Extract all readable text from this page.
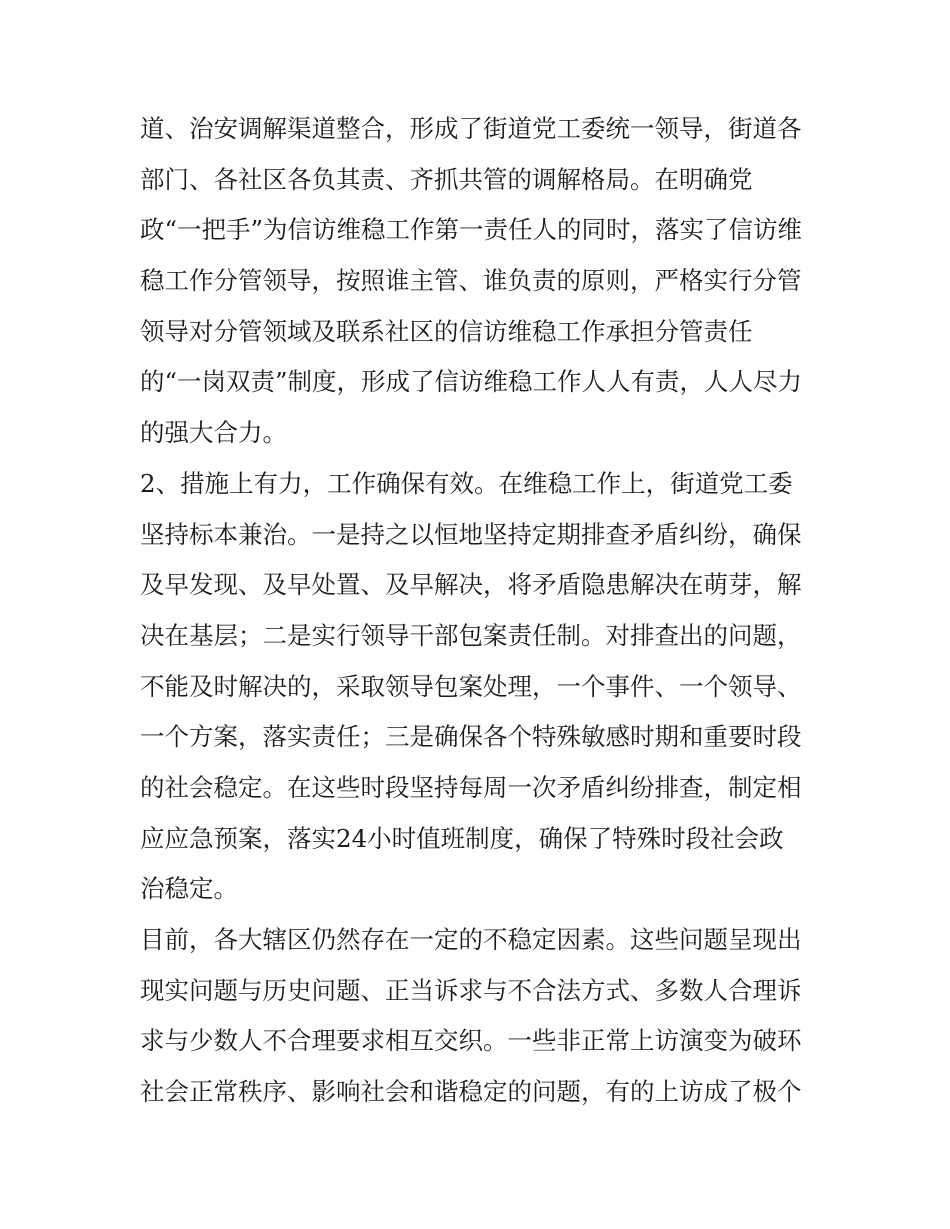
道、治安调解渠道整合，形成了街道党工委统一领导，街道各
部门、各社区各负其责、齐抓共管的调解格局。在明确党
政“一把手”为信访维稳工作第一责任人的同时，落实了信访维
稳工作分管领导，按照谁主管、谁负责的原则，严格实行分管
领导对分管领域及联系社区的信访维稳工作承担分管责任
的“一岗双责”制度，形成了信访维稳工作人人有责，人人尽力
的强大合力。
2、措施上有力，工作确保有效。在维稳工作上，街道党工委
坚持标本兼治。一是持之以恒地坚持定期排查矛盾纠纷，确保
及早发现、及早处置、及早解决，将矛盾隐患解决在萌芽，解
决在基层；二是实行领导干部包案责任制。对排查出的问题，
不能及时解决的，采取领导包案处理，一个事件、一个领导、
一个方案，落实责任；三是确保各个特殊敏感时期和重要时段
的社会稳定。在这些时段坚持每周一次矛盾纠纷排查，制定相
应应急预案，落实24小时值班制度，确保了特殊时段社会政
治稳定。
目前，各大辖区仍然存在一定的不稳定因素。这些问题呈现出
现实问题与历史问题、正当诉求与不合法方式、多数人合理诉
求与少数人不合理要求相互交织。一些非正常上访演变为破环
社会正常秩序、影响社会和谐稳定的问题，有的上访成了极个
